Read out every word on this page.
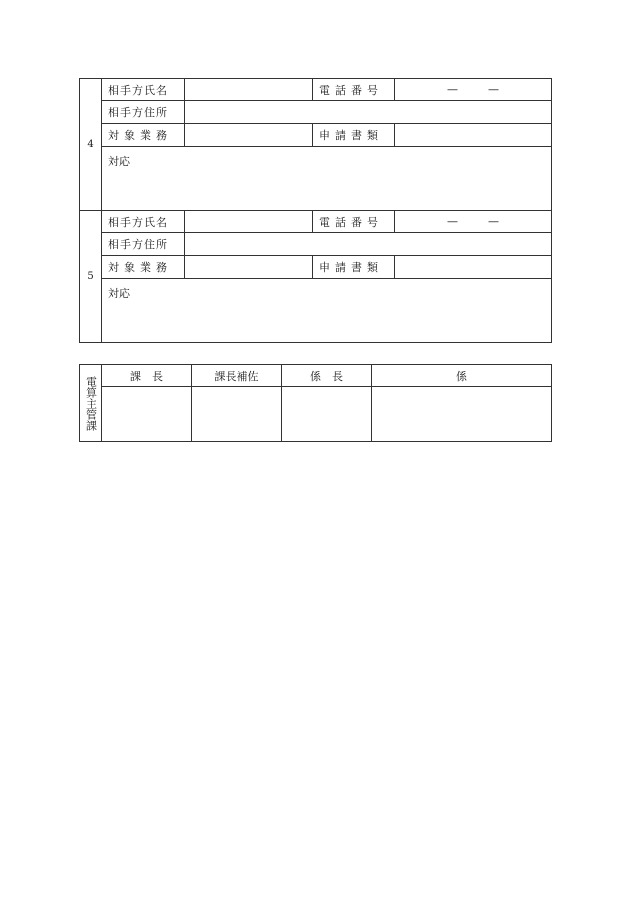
4	相手方氏名		電話番号	— —
	相手方住所			
	対象業務		申請書類	
	対応			
5	相手方氏名		電話番号	— —
	相手方住所			
	対象業務		申請書類	
	対応			
電算主管課	課　長	課長補佐	係　長	係
